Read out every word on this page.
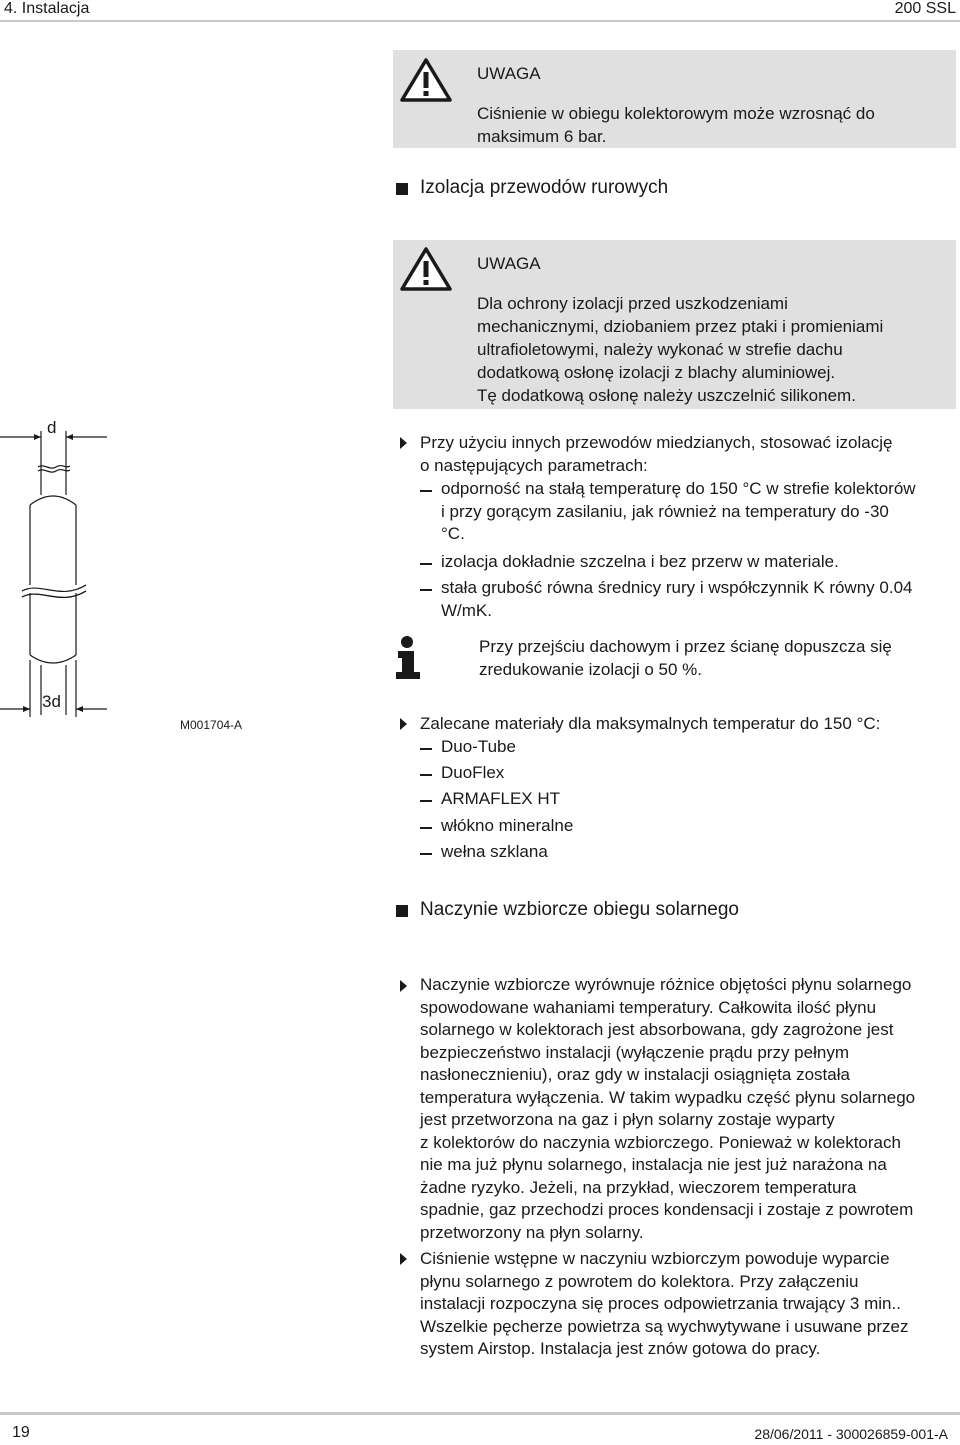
4. Instalacja	200 SSL
UWAGA
Ciśnienie w obiegu kolektorowym może wzrosnąć do
maksimum 6 bar.
Izolacja przewodów rurowych
UWAGA
Dla ochrony izolacji przed uszkodzeniami
mechanicznymi, dziobaniem przez ptaki i promieniami
ultrafioletowymi, należy wykonać w strefie dachu
dodatkową osłonę izolacji z blachy aluminiowej.
Tę dodatkową osłonę należy uszczelnić silikonem.
d
3d
M001704-A
Przy użyciu innych przewodów miedzianych, stosować izolację
o następujących parametrach:
odporność na stałą temperaturę do 150 °C w strefie kolektorów
i przy gorącym zasilaniu, jak również na temperatury do -30
°C.
izolacja dokładnie szczelna i bez przerw w materiale.
stała grubość równa średnicy rury i współczynnik K równy 0.04
W/mK.
Przy przejściu dachowym i przez ścianę dopuszcza się
zredukowanie izolacji o 50 %.
Zalecane materiały dla maksymalnych temperatur do 150 °C:
Duo-Tube
DuoFlex
ARMAFLEX HT
włókno mineralne
wełna szklana
Naczynie wzbiorcze obiegu solarnego
Naczynie wzbiorcze wyrównuje różnice objętości płynu solarnego
spowodowane wahaniami temperatury. Całkowita ilość płynu
solarnego w kolektorach jest absorbowana, gdy zagrożone jest
bezpieczeństwo instalacji (wyłączenie prądu przy pełnym
nasłonecznieniu), oraz gdy w instalacji osiągnięta została
temperatura wyłączenia. W takim wypadku część płynu solarnego
jest przetworzona na gaz i płyn solarny zostaje wyparty
z kolektorów do naczynia wzbiorczego. Ponieważ w kolektorach
nie ma już płynu solarnego, instalacja nie jest już narażona na
żadne ryzyko. Jeżeli, na przykład, wieczorem temperatura
spadnie, gaz przechodzi proces kondensacji i zostaje z powrotem
przetworzony na płyn solarny.
Ciśnienie wstępne w naczyniu wzbiorczym powoduje wyparcie
płynu solarnego z powrotem do kolektora. Przy załączeniu
instalacji rozpoczyna się proces odpowietrzania trwający 3 min..
Wszelkie pęcherze powietrza są wychwytywane i usuwane przez
system Airstop. Instalacja jest znów gotowa do pracy.
19	28/06/2011 - 300026859-001-A
